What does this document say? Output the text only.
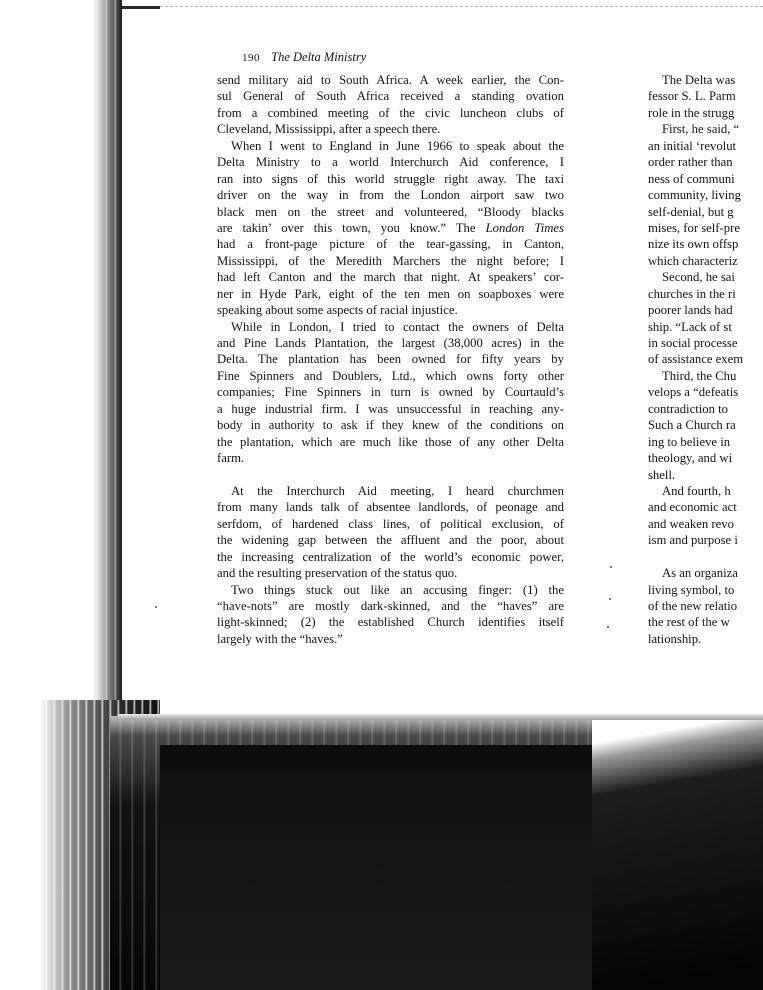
190 The Delta Ministry
send military aid to South Africa. A week earlier, the Con-
sul General of South Africa received a standing ovation
from a combined meeting of the civic luncheon clubs of
Cleveland, Mississippi, after a speech there.
When I went to England in June 1966 to speak about the
Delta Ministry to a world Interchurch Aid conference, I
ran into signs of this world struggle right away. The taxi
driver on the way in from the London airport saw two
black men on the street and volunteered, “Bloody blacks
are takin’ over this town, you know.” The London Times
had a front-page picture of the tear-gassing, in Canton,
Mississippi, of the Meredith Marchers the night before; I
had left Canton and the march that night. At speakers’ cor-
ner in Hyde Park, eight of the ten men on soapboxes were
speaking about some aspects of racial injustice.
While in London, I tried to contact the owners of Delta
and Pine Lands Plantation, the largest (38,000 acres) in the
Delta. The plantation has been owned for fifty years by
Fine Spinners and Doublers, Ltd., which owns forty other
companies; Fine Spinners in turn is owned by Courtauld’s
a huge industrial firm. I was unsuccessful in reaching any-
body in authority to ask if they knew of the conditions on
the plantation, which are much like those of any other Delta
farm.
At the Interchurch Aid meeting, I heard churchmen
from many lands talk of absentee landlords, of peonage and
serfdom, of hardened class lines, of political exclusion, of
the widening gap between the affluent and the poor, about
the increasing centralization of the world’s economic power,
and the resulting preservation of the status quo.
Two things stuck out like an accusing finger: (1) the
“have-nots” are mostly dark-skinned, and the “haves” are
light-skinned; (2) the established Church identifies itself
largely with the “haves.”
The Delta was
fessor S. L. Parm
role in the strugg
First, he said, “
an initial ‘revolut
order rather than
ness of communi
community, living
self-denial, but g
mises, for self-pre
nize its own offsp
which characteriz
Second, he sai
churches in the ri
poorer lands had
ship. “Lack of st
in social processe
of assistance exem
Third, the Chu
velops a “defeatis
contradiction to
Such a Church ra
ing to believe in
theology, and wi
shell.
And fourth, h
and economic act
and weaken revo
ism and purpose i
As an organiza
living symbol, to
of the new relatio
the rest of the w
lationship.
